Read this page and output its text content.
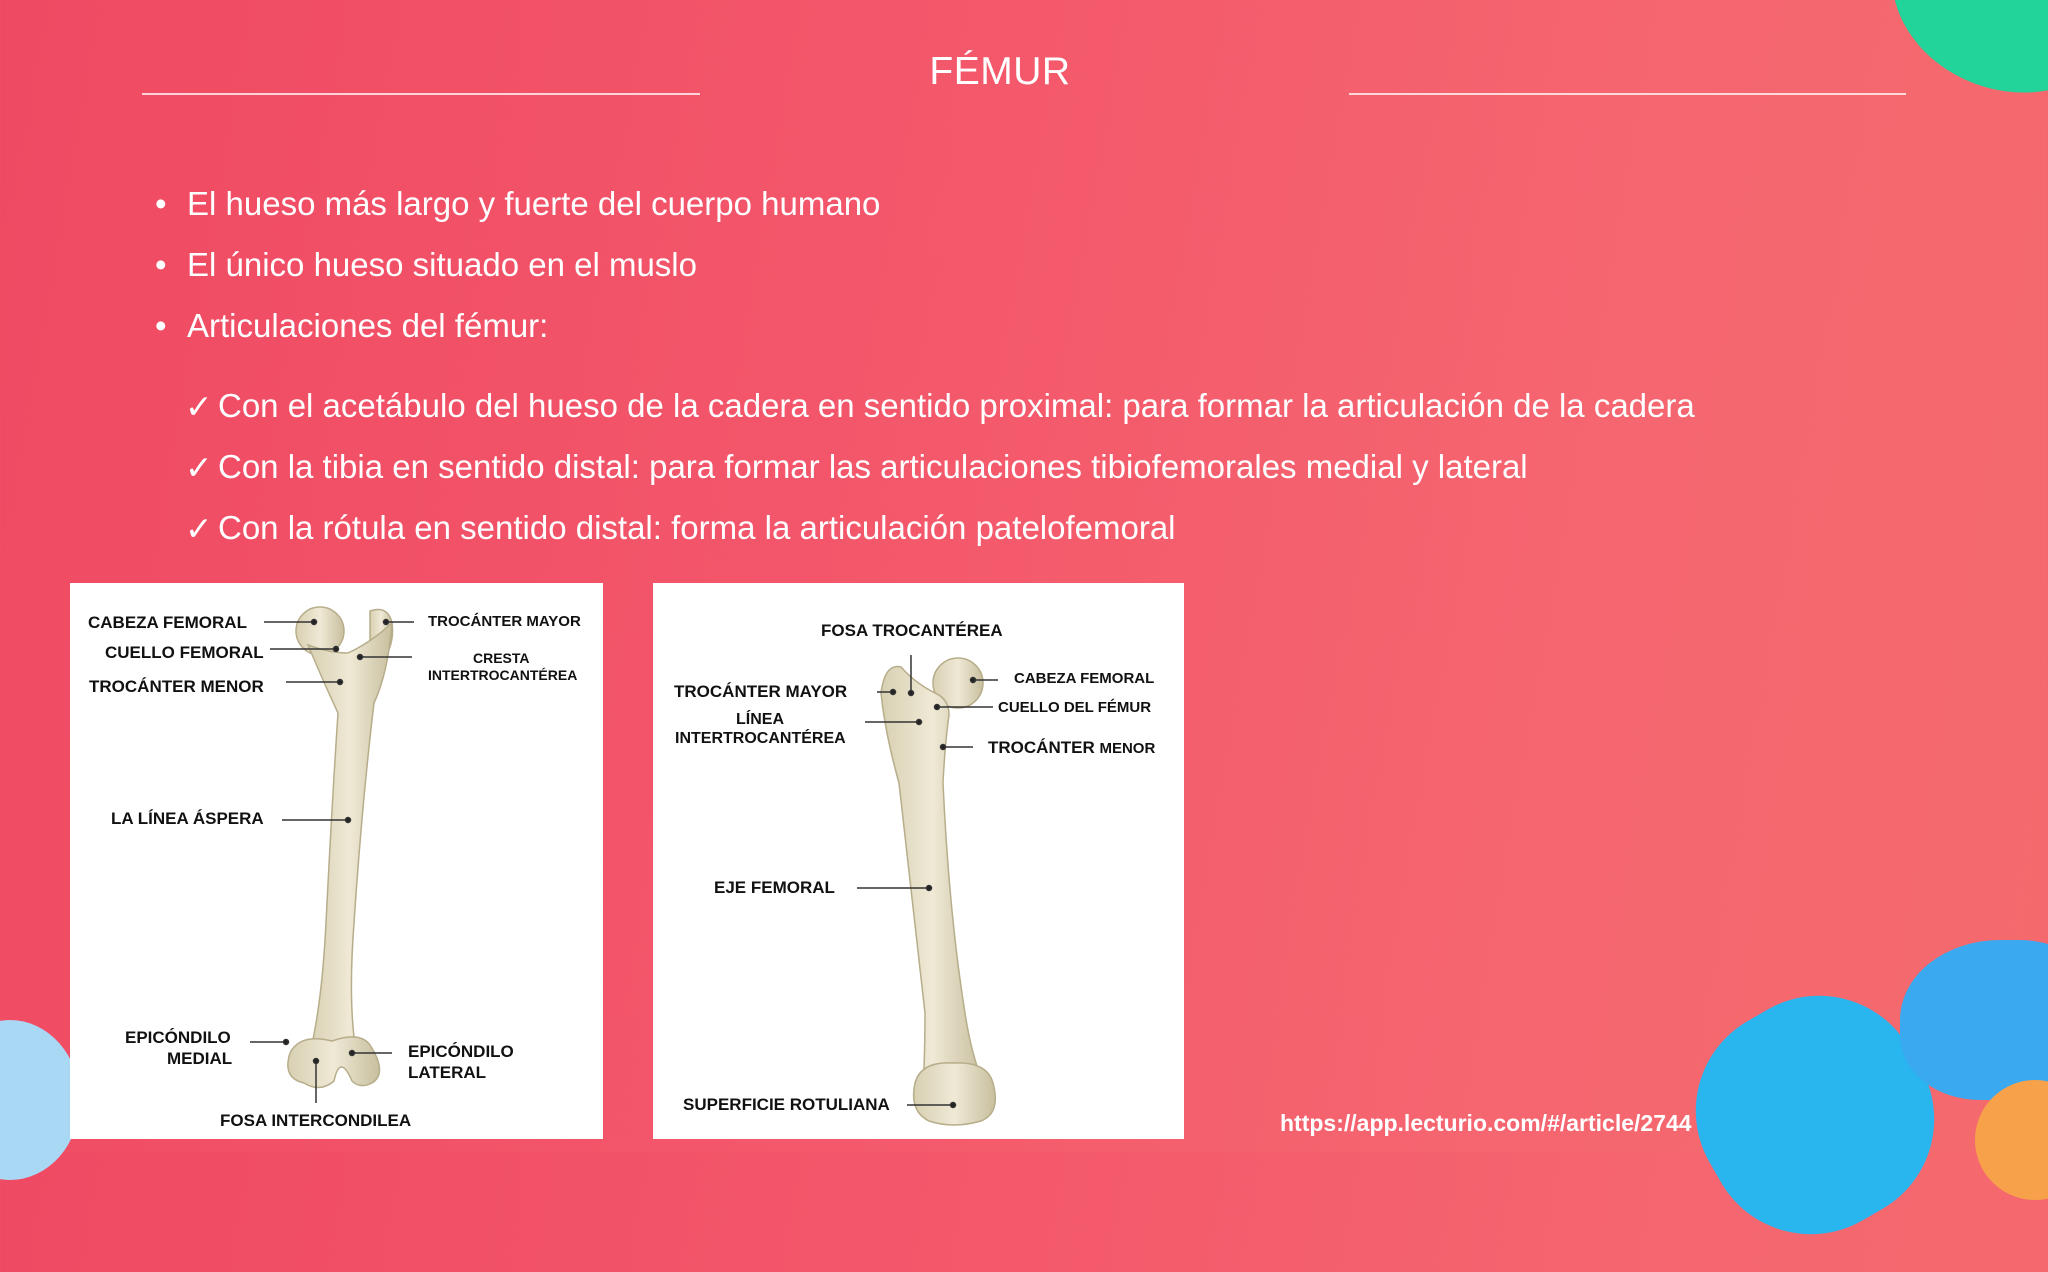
FÉMUR
• El hueso más largo y fuerte del cuerpo humano
• El único hueso situado en el muslo
• Articulaciones del fémur:
✓ Con el acetábulo del hueso de la cadera en sentido proximal: para formar la articulación de la cadera
✓ Con la tibia en sentido distal: para formar las articulaciones tibiofemorales medial y lateral
✓ Con la rótula en sentido distal: forma la articulación patelofemoral
CABEZA FEMORAL
CUELLO FEMORAL
TROCÁNTER MENOR
TROCÁNTER MAYOR
CRESTA
INTERTROCANTÉREA
LA LÍNEA ÁSPERA
EPICÓNDILO
MEDIAL	EPICÓNDILO
LATERAL
FOSA INTERCONDILEA
FOSA TROCANTÉREA
TROCÁNTER MAYOR
LÍNEA
INTERTROCANTÉREA
CABEZA FEMORAL
CUELLO DEL FÉMUR
TROCÁNTER MENOR
EJE FEMORAL
SUPERFICIE ROTULIANA
https://app.lecturio.com/#/article/2744
